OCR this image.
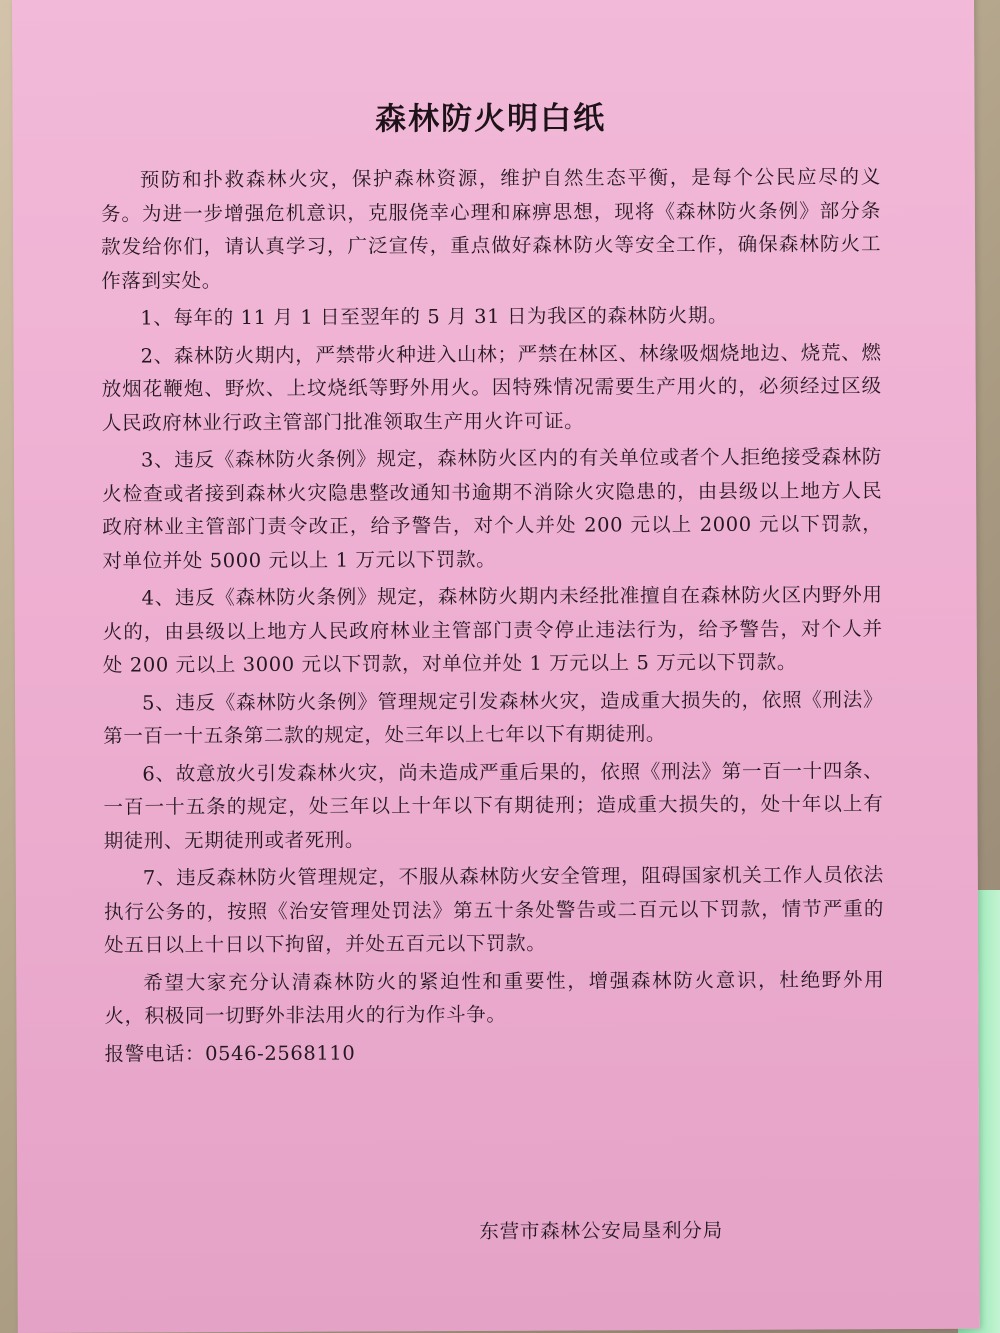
森林防火明白纸

预防和扑救森林火灾，保护森林资源，维护自然生态平衡，是每个公民应尽的义务。为进一步增强危机意识，克服侥幸心理和麻痹思想，现将《森林防火条例》部分条款发给你们，请认真学习，广泛宣传，重点做好森林防火等安全工作，确保森林防火工作落到实处。

1、每年的 11 月 1 日至翌年的 5 月 31 日为我区的森林防火期。

2、森林防火期内，严禁带火种进入山林；严禁在林区、林缘吸烟烧地边、烧荒、燃放烟花鞭炮、野炊、上坟烧纸等野外用火。因特殊情况需要生产用火的，必须经过区级人民政府林业行政主管部门批准领取生产用火许可证。

3、违反《森林防火条例》规定，森林防火区内的有关单位或者个人拒绝接受森林防火检查或者接到森林火灾隐患整改通知书逾期不消除火灾隐患的，由县级以上地方人民政府林业主管部门责令改正，给予警告，对个人并处 200 元以上 2000 元以下罚款，对单位并处 5000 元以上 1 万元以下罚款。

4、违反《森林防火条例》规定，森林防火期内未经批准擅自在森林防火区内野外用火的，由县级以上地方人民政府林业主管部门责令停止违法行为，给予警告，对个人并处 200 元以上 3000 元以下罚款，对单位并处 1 万元以上 5 万元以下罚款。

5、违反《森林防火条例》管理规定引发森林火灾，造成重大损失的，依照《刑法》第一百一十五条第二款的规定，处三年以上七年以下有期徒刑。

6、故意放火引发森林火灾，尚未造成严重后果的，依照《刑法》第一百一十四条、一百一十五条的规定，处三年以上十年以下有期徒刑；造成重大损失的，处十年以上有期徒刑、无期徒刑或者死刑。

7、违反森林防火管理规定，不服从森林防火安全管理，阻碍国家机关工作人员依法执行公务的，按照《治安管理处罚法》第五十条处警告或二百元以下罚款，情节严重的处五日以上十日以下拘留，并处五百元以下罚款。

希望大家充分认清森林防火的紧迫性和重要性，增强森林防火意识，杜绝野外用火，积极同一切野外非法用火的行为作斗争。

报警电话：0546-2568110

东营市森林公安局垦利分局
